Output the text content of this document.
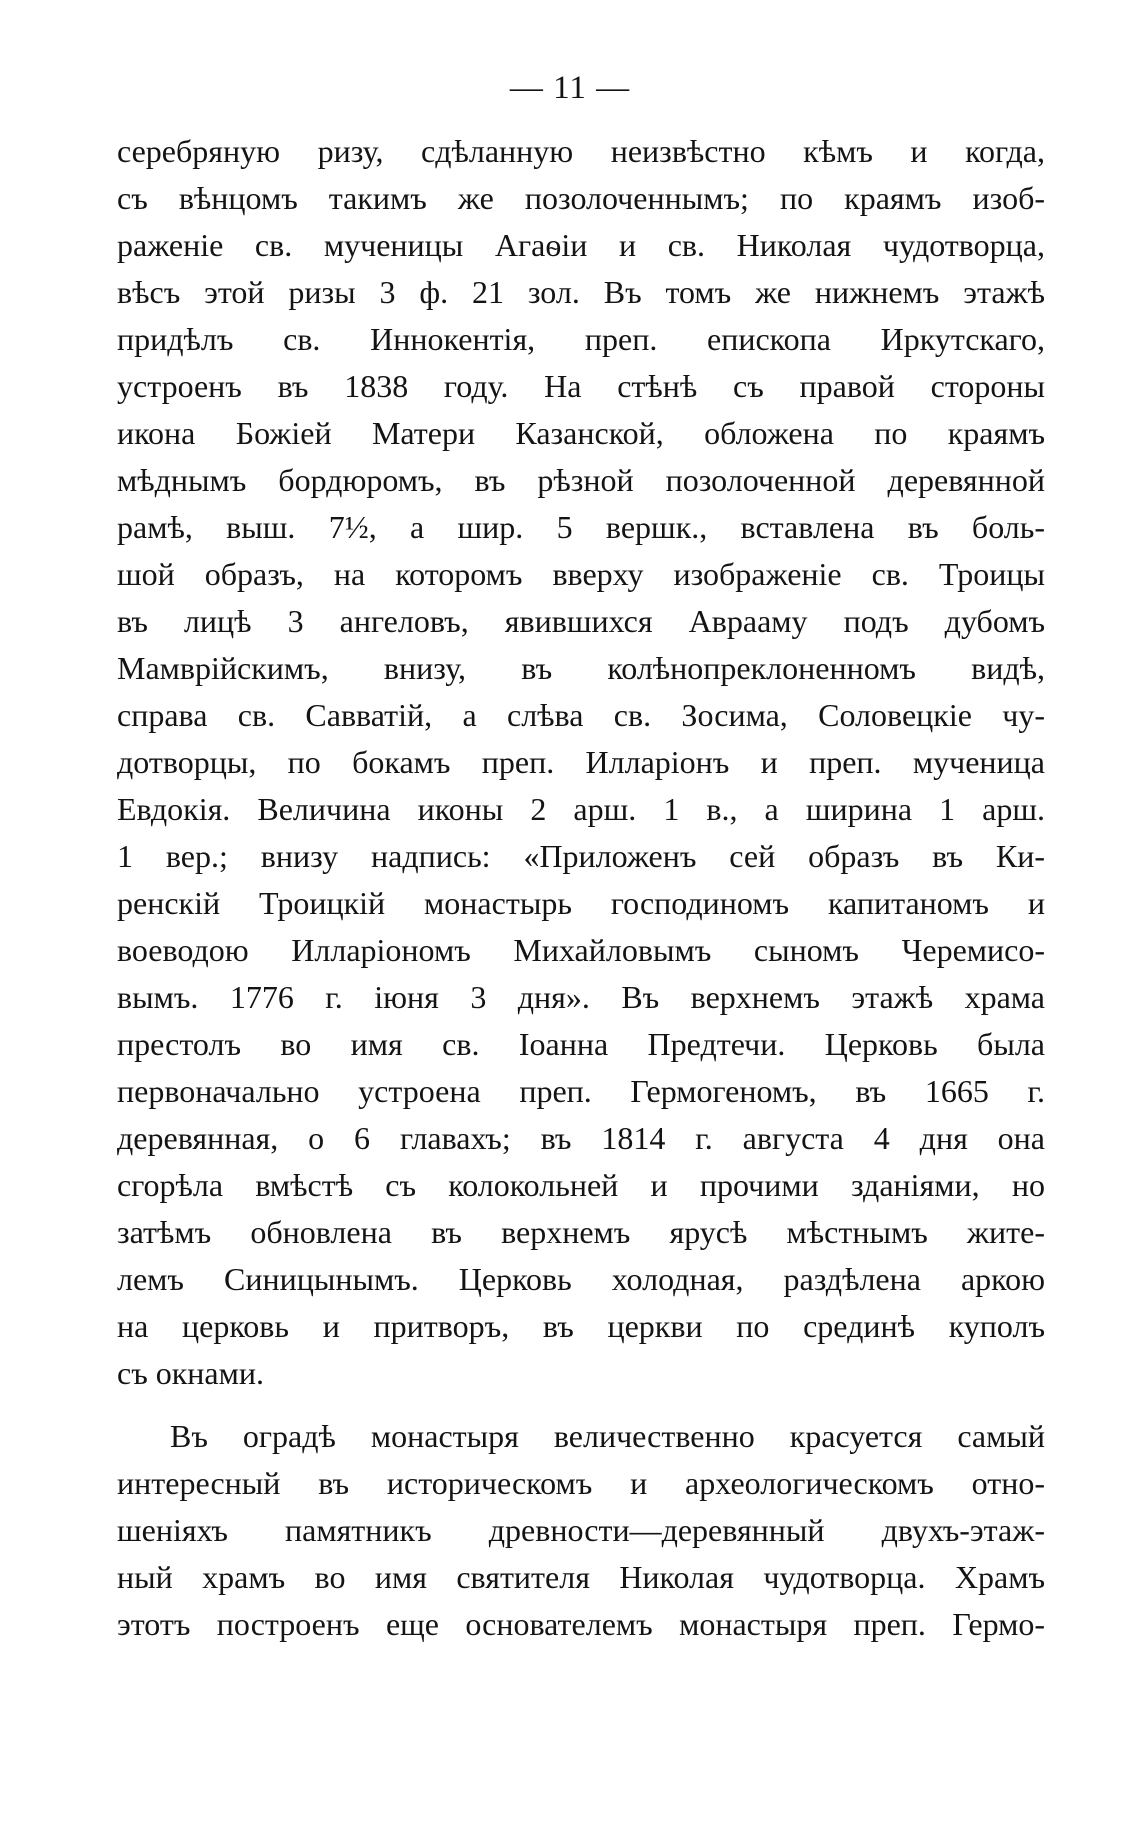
— 11 —
серебряную ризу, сдѣланную неизвѣстно кѣмъ и когда,
съ вѣнцомъ такимъ же позолоченнымъ; по краямъ изоб-
раженіе св. мученицы Агаѳіи и св. Николая чудотворца,
вѣсъ этой ризы 3 ф. 21 зол. Въ томъ же нижнемъ этажѣ
придѣлъ св. Иннокентія, преп. епископа Иркутскаго,
устроенъ въ 1838 году. На стѣнѣ съ правой стороны
икона Божіей Матери Казанской, обложена по краямъ
мѣднымъ бордюромъ, въ рѣзной позолоченной деревянной
рамѣ, выш. 7½, а шир. 5 вершк., вставлена въ боль-
шой образъ, на которомъ вверху изображеніе св. Троицы
въ лицѣ 3 ангеловъ, явившихся Аврааму подъ дубомъ
Мамврійскимъ, внизу, въ колѣнопреклоненномъ видѣ,
справа св. Савватій, а слѣва св. Зосима, Соловецкіе чу-
дотворцы, по бокамъ преп. Илларіонъ и преп. мученица
Евдокія. Величина иконы 2 арш. 1 в., а ширина 1 арш.
1 вер.; внизу надпись: «Приложенъ сей образъ въ Ки-
ренскій Троицкій монастырь господиномъ капитаномъ и
воеводою Илларіономъ Михайловымъ сыномъ Черемисо-
вымъ. 1776 г. іюня 3 дня». Въ верхнемъ этажѣ храма
престолъ во имя св. Іоанна Предтечи. Церковь была
первоначально устроена преп. Гермогеномъ, въ 1665 г.
деревянная, о 6 главахъ; въ 1814 г. августа 4 дня она
сгорѣла вмѣстѣ съ колокольней и прочими зданіями, но
затѣмъ обновлена въ верхнемъ ярусѣ мѣстнымъ жите-
лемъ Синицынымъ. Церковь холодная, раздѣлена аркою
на церковь и притворъ, въ церкви по срединѣ куполъ
съ окнами.
Въ оградѣ монастыря величественно красуется самый
интересный въ историческомъ и археологическомъ отно-
шеніяхъ памятникъ древности—деревянный двухъ-этаж-
ный храмъ во имя святителя Николая чудотворца. Храмъ
этотъ построенъ еще основателемъ монастыря преп. Гермо-
